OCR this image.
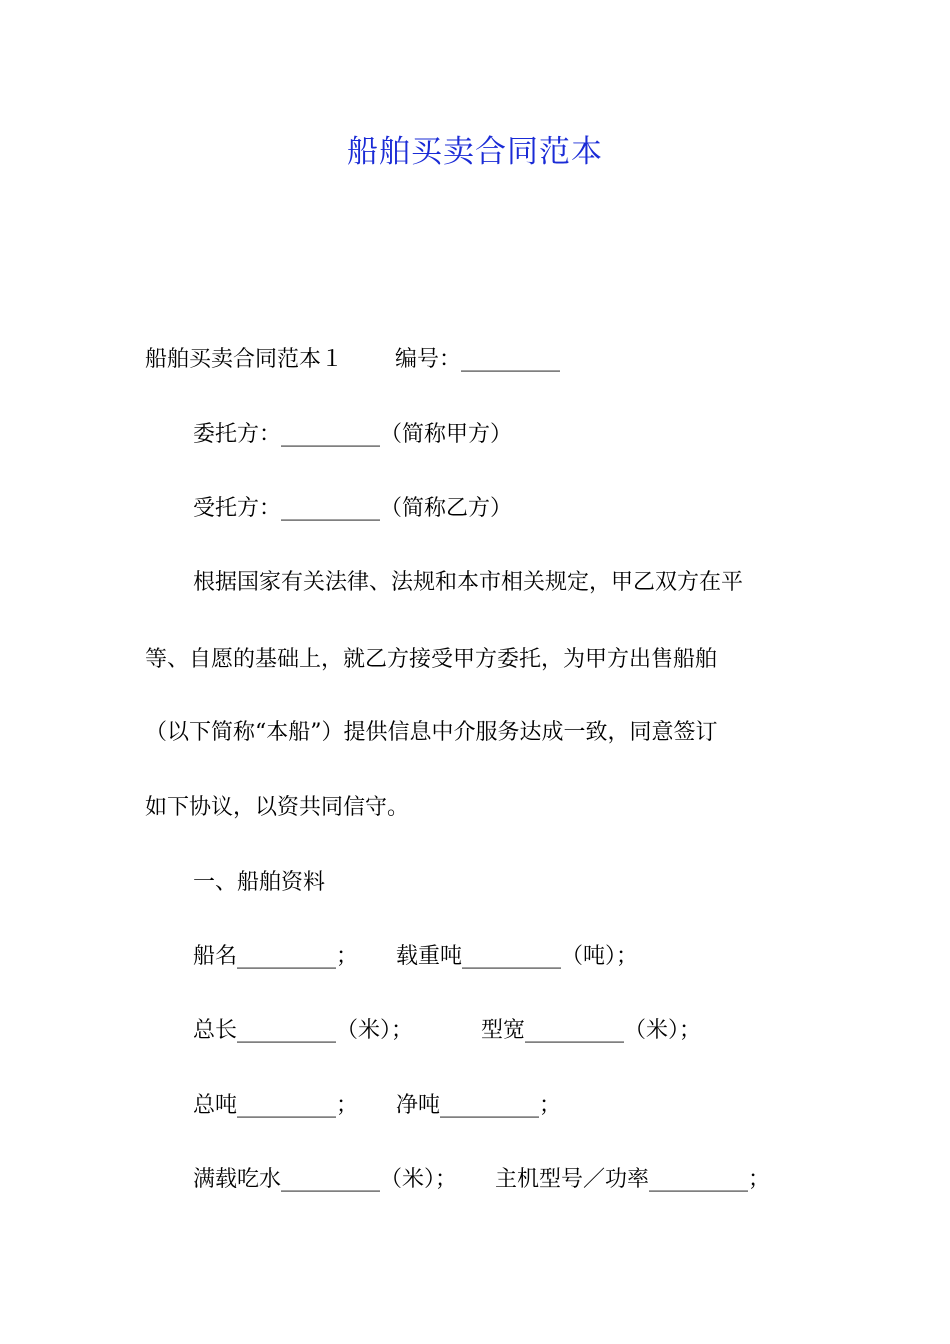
船舶买卖合同范本
船舶买卖合同范本１ 编号：_________
委托方：_________（简称甲方）
受托方：_________（简称乙方）
根据国家有关法律、法规和本市相关规定，甲乙双方在平
等、自愿的基础上，就乙方接受甲方委托，为甲方出售船舶
（以下简称“本船”）提供信息中介服务达成一致，同意签订
如下协议，以资共同信守。
一、船舶资料
船名_________； 载重吨_________（吨）；
总长_________（米）；	型宽_________（米）；
总吨_________； 净吨_________；
满载吃水_________（米）； 主机型号／功率_________；
